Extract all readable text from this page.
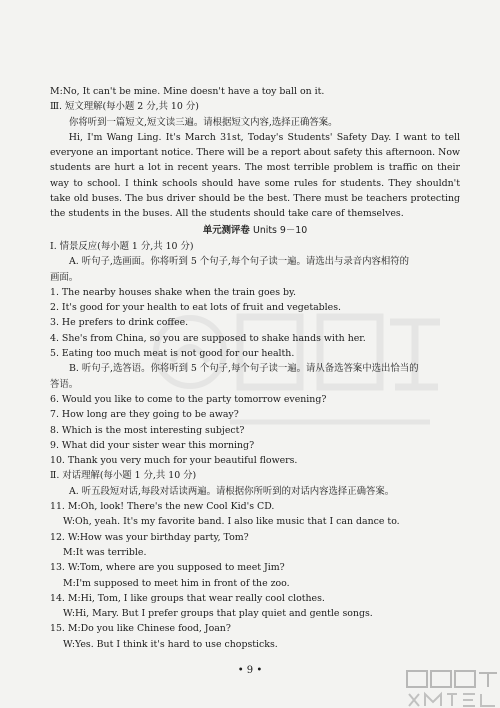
M:No, It can't be mine. Mine doesn't have a toy ball on it.
Ⅲ. 短文理解(每小题 2 分,共 10 分)
你将听到一篇短文,短文读三遍。请根据短文内容,选择正确答案。
Hi, I'm Wang Ling. It's March 31st, Today's Students' Safety Day. I want to tell everyone an important notice. There will be a report about safety this afternoon. Now students are hurt a lot in recent years. The most terrible problem is traffic on their way to school. I think schools should have some rules for students. They shouldn't take old buses. The bus driver should be the best. There must be teachers protecting the students in the buses. All the students should take care of themselves.
单元测评卷 Units 9－10
Ⅰ. 情景反应(每小题 1 分,共 10 分)
A. 听句子,选画面。你将听到 5 个句子,每个句子读一遍。请选出与录音内容相符的
画面。
1. The nearby houses shake when the train goes by.
2. It's good for your health to eat lots of fruit and vegetables.
3. He prefers to drink coffee.
4. She's from China, so you are supposed to shake hands with her.
5. Eating too much meat is not good for our health.
B. 听句子,选答语。你将听到 5 个句子,每个句子读一遍。请从备选答案中选出恰当的
答语。
6. Would you like to come to the party tomorrow evening?
7. How long are they going to be away?
8. Which is the most interesting subject?
9. What did your sister wear this morning?
10. Thank you very much for your beautiful flowers.
Ⅱ. 对话理解(每小题 1 分,共 10 分)
A. 听五段短对话,每段对话读两遍。请根据你所听到的对话内容选择正确答案。
11. M:Oh, look! There's the new Cool Kid's CD.
W:Oh, yeah. It's my favorite band. I also like music that I can dance to.
12. W:How was your birthday party, Tom?
M:It was terrible.
13. W:Tom, where are you supposed to meet Jim?
M:I'm supposed to meet him in front of the zoo.
14. M:Hi, Tom, I like groups that wear really cool clothes.
W:Hi, Mary. But I prefer groups that play quiet and gentle songs.
15. M:Do you like Chinese food, Joan?
W:Yes. But I think it's hard to use chopsticks.
• 9 •
